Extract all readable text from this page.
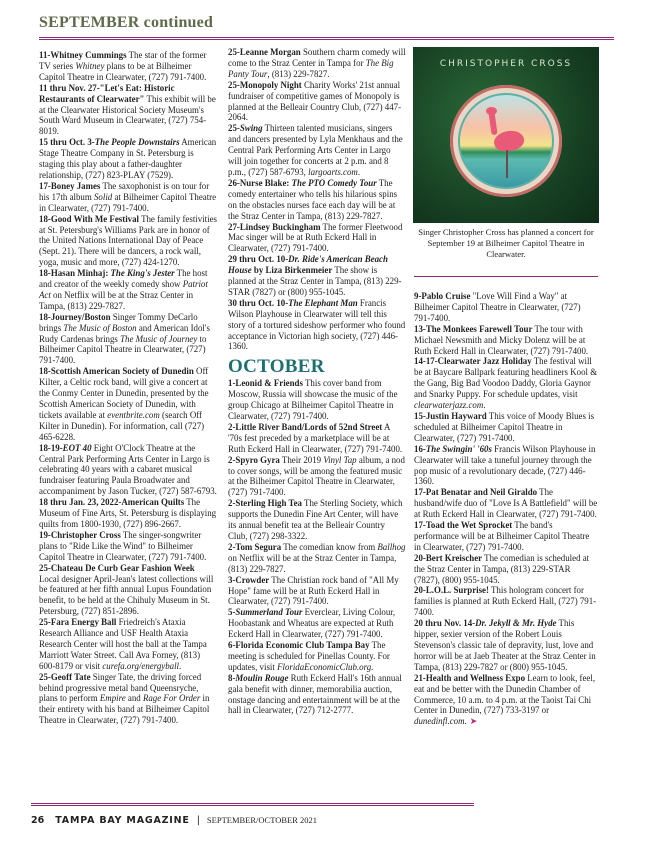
SEPTEMBER continued

11-Whitney Cummings The star of the former TV series Whitney plans to be at Bilheimer Capitol Theatre in Clearwater, (727) 791-7400.

11 thru Nov. 27-"Let's Eat: Historic Restaurants of Clearwater" This exhibit will be at the Clearwater Historical Society Museum's South Ward Museum in Clearwater, (727) 754-8019.

15 thru Oct. 3-The People Downstairs American Stage Theatre Company in St. Petersburg is staging this play about a father-daughter relationship, (727) 823-PLAY (7529).

17-Boney James The saxophonist is on tour for his 17th album Solid at Bilheimer Capitol Theatre in Clearwater, (727) 791-7400.

18-Good With Me Festival The family festivities at St. Petersburg's Williams Park are in honor of the United Nations International Day of Peace (Sept. 21). There will be dancers, a rock wall, yoga, music and more, (727) 424-1270.

18-Hasan Minhaj: The King's Jester The host and creator of the weekly comedy show Patriot Act on Netflix will be at the Straz Center in Tampa, (813) 229-7827.

18-Journey/Boston Singer Tommy DeCarlo brings The Music of Boston and American Idol's Rudy Cardenas brings The Music of Journey to Bilheimer Capitol Theatre in Clearwater, (727) 791-7400.

18-Scottish American Society of Dunedin Off Kilter, a Celtic rock band, will give a concert at the Conmy Center in Dunedin, presented by the Scottish American Society of Dunedin, with tickets available at eventbrite.com (search Off Kilter in Dunedin). For information, call (727) 465-6228.

18-19-EOT 40 Eight O'Clock Theatre at the Central Park Performing Arts Center in Largo is celebrating 40 years with a cabaret musical fundraiser featuring Paula Broadwater and accompaniment by Jason Tucker, (727) 587-6793.

18 thru Jan. 23, 2022-American Quilts The Museum of Fine Arts, St. Petersburg is displaying quilts from 1800-1930, (727) 896-2667.

19-Christopher Cross The singer-songwriter plans to "Ride Like the Wind" to Bilheimer Capitol Theatre in Clearwater, (727) 791-7400.

25-Chateau De Curb Gear Fashion Week Local designer April-Jean's latest collections will be featured at her fifth annual Lupus Foundation benefit, to be held at the Chihuly Museum in St. Petersburg, (727) 851-2896.

25-Fara Energy Ball Friedreich's Ataxia Research Alliance and USF Health Ataxia Research Center will host the ball at the Tampa Marriott Water Street. Call Ava Forney, (813) 600-8179 or visit curefa.org/energyball.

25-Geoff Tate Singer Tate, the driving forced behind progressive metal band Queensryche, plans to perform Empire and Rage For Order in their entirety with his band at Bilheimer Capitol Theatre in Clearwater, (727) 791-7400.

25-Leanne Morgan Southern charm comedy will come to the Straz Center in Tampa for The Big Panty Tour, (813) 229-7827.

25-Monopoly Night Charity Works' 21st annual fundraiser of competitive games of Monopoly is planned at the Belleair Country Club, (727) 447-2064.

25-Swing Thirteen talented musicians, singers and dancers presented by Lyla Menkhaus and the Central Park Performing Arts Center in Largo will join together for concerts at 2 p.m. and 8 p.m., (727) 587-6793, largoarts.com.

26-Nurse Blake: The PTO Comedy Tour The comedy entertainer who tells his hilarious spins on the obstacles nurses face each day will be at the Straz Center in Tampa, (813) 229-7827.

27-Lindsey Buckingham The former Fleetwood Mac singer will be at Ruth Eckerd Hall in Clearwater, (727) 791-7400.

29 thru Oct. 10-Dr. Ride's American Beach House by Liza Birkenmeier The show is planned at the Straz Center in Tampa, (813) 229-STAR (7827) or (800) 955-1045.

30 thru Oct. 10-The Elephant Man Francis Wilson Playhouse in Clearwater will tell this story of a tortured sideshow performer who found acceptance in Victorian high society, (727) 446-1360.

OCTOBER

1-Leonid & Friends This cover band from Moscow, Russia will showcase the music of the group Chicago at Bilheimer Capitol Theatre in Clearwater, (727) 791-7400.

2-Little River Band/Lords of 52nd Street A '70s fest preceded by a marketplace will be at Ruth Eckerd Hall in Clearwater, (727) 791-7400.

2-Spyro Gyra Their 2019 Vinyl Tap album, a nod to cover songs, will be among the featured music at the Bilheimer Capitol Theatre in Clearwater, (727) 791-7400.

2-Sterling High Tea The Sterling Society, which supports the Dunedin Fine Art Center, will have its annual benefit tea at the Belleair Country Club, (727) 298-3322.

2-Tom Segura The comedian know from Ballhog on Netflix will be at the Straz Center in Tampa, (813) 229-7827.

3-Crowder The Christian rock band of "All My Hope" fame will be at Ruth Eckerd Hall in Clearwater, (727) 791-7400.

5-Summerland Tour Everclear, Living Colour, Hoobastank and Wheatus are expected at Ruth Eckerd Hall in Clearwater, (727) 791-7400.

6-Florida Economic Club Tampa Bay The meeting is scheduled for Pinellas County. For updates, visit FloridaEconomicClub.org.

8-Moulin Rouge Ruth Eckerd Hall's 16th annual gala benefit with dinner, memorabilia auction, onstage dancing and entertainment will be at the hall in Clearwater, (727) 712-2777.

CHRISTOPHER CROSS
Singer Christopher Cross has planned a concert for September 19 at Bilheimer Capitol Theatre in Clearwater.

9-Pablo Cruise "Love Will Find a Way" at Bilheimer Capitol Theatre in Clearwater, (727) 791-7400.

13-The Monkees Farewell Tour The tour with Michael Newsmith and Micky Dolenz will be at Ruth Eckerd Hall in Clearwater, (727) 791-7400.

14-17-Clearwater Jazz Holiday The festival will be at Baycare Ballpark featuring headliners Kool & the Gang, Big Bad Voodoo Daddy, Gloria Gaynor and Snarky Puppy. For schedule updates, visit clearwaterjazz.com.

15-Justin Hayward This voice of Moody Blues is scheduled at Bilheimer Capitol Theatre in Clearwater, (727) 791-7400.

16-The Swingin' '60s Francis Wilson Playhouse in Clearwater will take a tuneful journey through the pop music of a revolutionary decade, (727) 446-1360.

17-Pat Benatar and Neil Giraldo The husband/wife duo of "Love Is A Battlefield" will be at Ruth Eckerd Hall in Clearwater, (727) 791-7400.

17-Toad the Wet Sprocket The band's performance will be at Bilheimer Capitol Theatre in Clearwater, (727) 791-7400.

20-Bert Kreischer The comedian is scheduled at the Straz Center in Tampa, (813) 229-STAR (7827), (800) 955-1045.

20-L.O.L. Surprise! This hologram concert for families is planned at Ruth Eckerd Hall, (727) 791-7400.

20 thru Nov. 14-Dr. Jekyll & Mr. Hyde This hipper, sexier version of the Robert Louis Stevenson's classic tale of depravity, lust, love and horror will be at Jaeb Theater at the Straz Center in Tampa, (813) 229-7827 or (800) 955-1045.

21-Health and Wellness Expo Learn to look, feel, eat and be better with the Dunedin Chamber of Commerce, 10 a.m. to 4 p.m. at the Taoist Tai Chi Center in Dunedin, (727) 733-3197 or dunedinfl.com. ➤

26 TAMPA BAY MAGAZINE | SEPTEMBER/OCTOBER 2021
